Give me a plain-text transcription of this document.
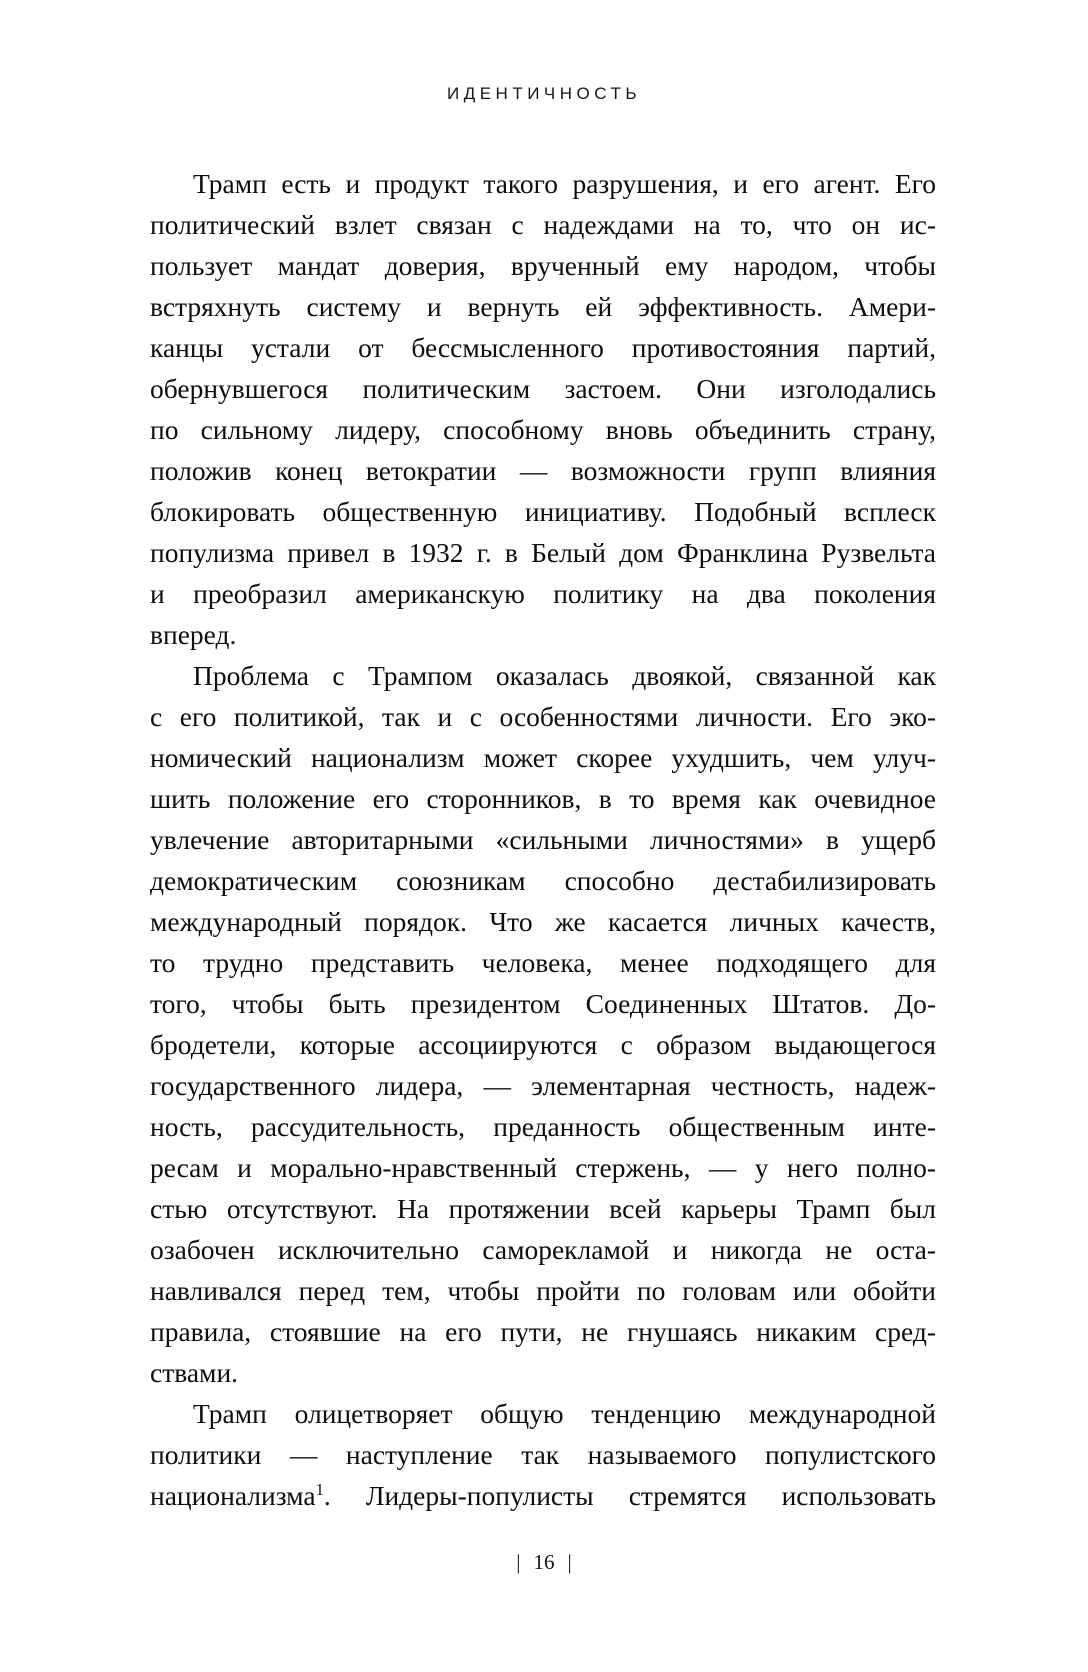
ИДЕНТИЧНОСТЬ
Трамп есть и продукт такого разрушения, и его агент. Его
политический взлет связан с надеждами на то, что он ис-
пользует мандат доверия, врученный ему народом, чтобы
встряхнуть систему и вернуть ей эффективность. Амери-
канцы устали от бессмысленного противостояния партий,
обернувшегося политическим застоем. Они изголодались
по сильному лидеру, способному вновь объединить страну,
положив конец ветократии — возможности групп влияния
блокировать общественную инициативу. Подобный всплеск
популизма привел в 1932 г. в Белый дом Франклина Рузвельта
и преобразил американскую политику на два поколения
вперед.
Проблема с Трампом оказалась двоякой, связанной как
с его политикой, так и с особенностями личности. Его эко-
номический национализм может скорее ухудшить, чем улуч-
шить положение его сторонников, в то время как очевидное
увлечение авторитарными «сильными личностями» в ущерб
демократическим союзникам способно дестабилизировать
международный порядок. Что же касается личных качеств,
то трудно представить человека, менее подходящего для
того, чтобы быть президентом Соединенных Штатов. До-
бродетели, которые ассоциируются с образом выдающегося
государственного лидера, — элементарная честность, надеж-
ность, рассудительность, преданность общественным инте-
ресам и морально-нравственный стержень, — у него полно-
стью отсутствуют. На протяжении всей карьеры Трамп был
озабочен исключительно саморекламой и никогда не оста-
навливался перед тем, чтобы пройти по головам или обойти
правила, стоявшие на его пути, не гнушаясь никаким сред-
ствами.
Трамп олицетворяет общую тенденцию международной
политики — наступление так называемого популистского
национализма$^1$. Лидеры-популисты стремятся использовать
| 16 |
